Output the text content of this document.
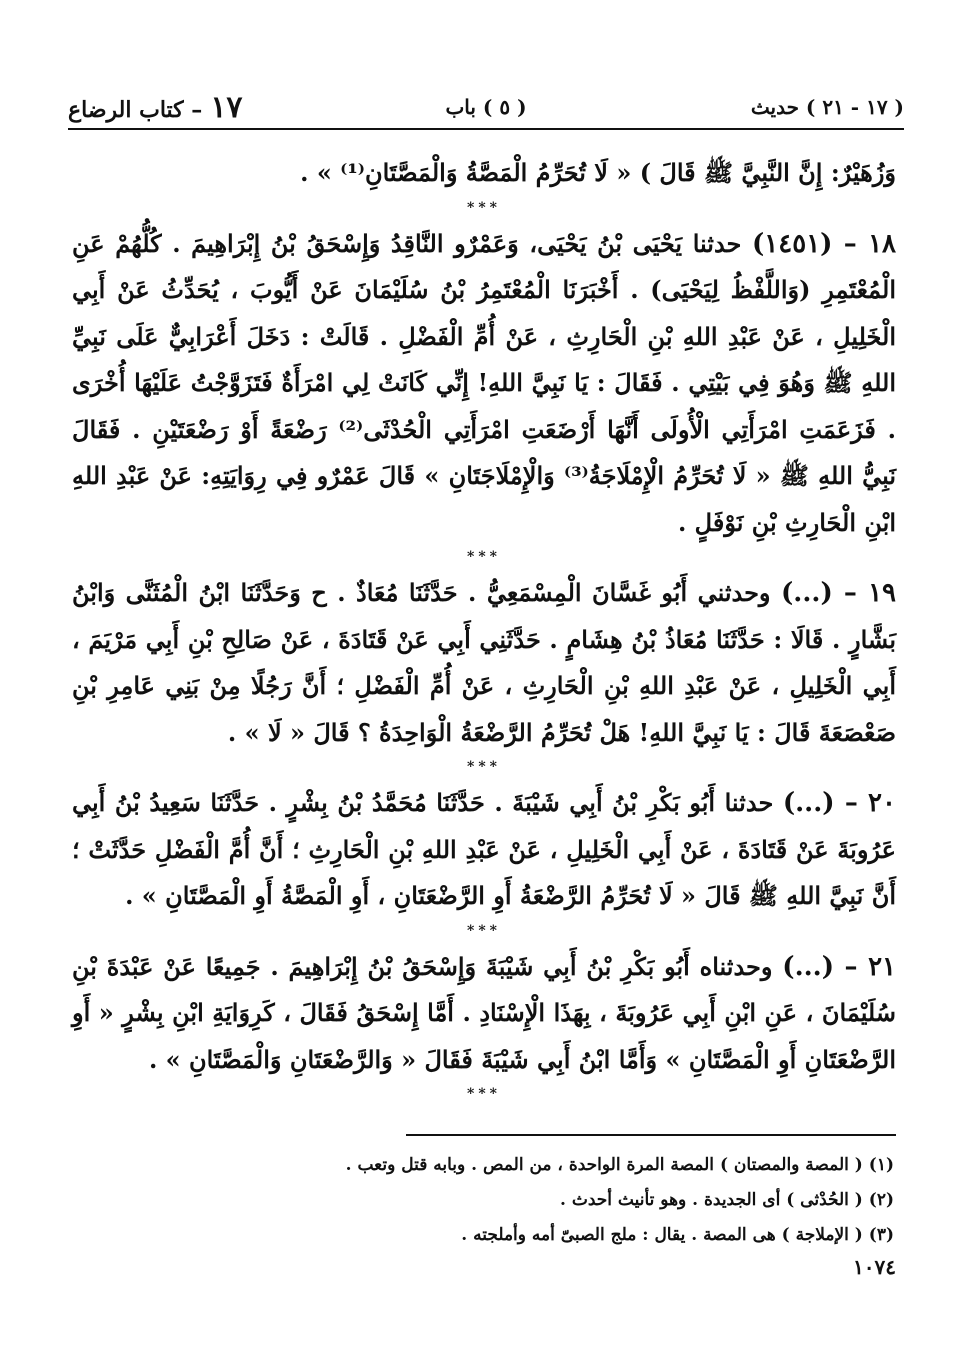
١٧– كتاب الرضاع	( ٥ ) باب	( ١٧ - ٢١ ) حديث

وَزُهَيْرٌ: إِنَّ النَّبِيَّ ﷺ قَالَ ) « لَا تُحَرِّمُ الْمَصَّةُ وَالْمَصَّتَانِ⁽¹⁾ » .

***

١٨ – (١٤٥١) حدثنا يَحْيَى بْنُ يَحْيَى، وَعَمْرٌو النَّاقِدُ وَإِسْحَقُ بْنُ إِبْرَاهِيمَ . كُلُّهُمْ عَنِ الْمُعْتَمِرِ (وَاللَّفْظُ لِيَحْيَى) . أَخْبَرَنَا الْمُعْتَمِرُ بْنُ سُلَيْمَانَ عَنْ أَيُّوبَ ، يُحَدِّثُ عَنْ أَبِي الْخَلِيلِ ، عَنْ عَبْدِ اللهِ بْنِ الْحَارِثِ ، عَنْ أُمِّ الْفَضْلِ . قَالَتْ : دَخَلَ أَعْرَابِيٌّ عَلَى نَبِيِّ اللهِ ﷺ وَهُوَ فِي بَيْتِي . فَقَالَ : يَا نَبِيَّ اللهِ! إِنِّي كَانَتْ لِي امْرَأَةٌ فَتَزَوَّجْتُ عَلَيْهَا أُخْرَى . فَزَعَمَتِ امْرَأَتِي الْأُولَى أَنَّهَا أَرْضَعَتِ امْرَأَتِي الْحُدْثَى⁽²⁾ رَضْعَةً أَوْ رَضْعَتَيْنِ . فَقَالَ نَبِيُّ اللهِ ﷺ « لَا تُحَرِّمُ الْإِمْلَاجَةُ⁽³⁾ وَالْإِمْلَاجَتَانِ » قَالَ عَمْرٌو فِي رِوَايَتِهِ: عَنْ عَبْدِ اللهِ ابْنِ الْحَارِثِ بْنِ نَوْفَلٍ .

***

١٩ – (...) وحدثني أَبُو غَسَّانَ الْمِسْمَعِيُّ . حَدَّثَنَا مُعَاذٌ . ح وَحَدَّثَنَا ابْنُ الْمُثَنَّى وَابْنُ بَشَّارٍ . قَالَا : حَدَّثَنَا مُعَاذُ بْنُ هِشَامٍ . حَدَّثَنِي أَبِي عَنْ قَتَادَةَ ، عَنْ صَالِحِ بْنِ أَبِي مَرْيَمَ ، أَبِي الْخَلِيلِ ، عَنْ عَبْدِ اللهِ بْنِ الْحَارِثِ ، عَنْ أُمِّ الْفَضْلِ ؛ أَنَّ رَجُلًا مِنْ بَنِي عَامِرِ بْنِ صَعْصَعَةَ قَالَ : يَا نَبِيَّ اللهِ! هَلْ تُحَرِّمُ الرَّضْعَةُ الْوَاحِدَةُ ؟ قَالَ « لَا » .

***

٢٠ – (...) حدثنا أَبُو بَكْرِ بْنُ أَبِي شَيْبَةَ . حَدَّثَنَا مُحَمَّدُ بْنُ بِشْرٍ . حَدَّثَنَا سَعِيدُ بْنُ أَبِي عَرُوبَةَ عَنْ قَتَادَةَ ، عَنْ أَبِي الْخَلِيلِ ، عَنْ عَبْدِ اللهِ بْنِ الْحَارِثِ ؛ أَنَّ أُمَّ الْفَضْلِ حَدَّثَتْ ؛ أَنَّ نَبِيَّ اللهِ ﷺ قَالَ « لَا تُحَرِّمُ الرَّضْعَةُ أَوِ الرَّضْعَتَانِ ، أَوِ الْمَصَّةُ أَوِ الْمَصَّتَانِ » .

***

٢١ – (...) وحدثناه أَبُو بَكْرِ بْنُ أَبِي شَيْبَةَ وَإِسْحَقُ بْنُ إِبْرَاهِيمَ . جَمِيعًا عَنْ عَبْدَةَ بْنِ سُلَيْمَانَ ، عَنِ ابْنِ أَبِي عَرُوبَةَ ، بِهَذَا الْإِسْنَادِ . أَمَّا إِسْحَقُ فَقَالَ ، كَرِوَايَةِ ابْنِ بِشْرٍ « أَوِ الرَّضْعَتَانِ أَوِ الْمَصَّتَانِ » وَأَمَّا ابْنُ أَبِي شَيْبَةَ فَقَالَ « وَالرَّضْعَتَانِ وَالْمَصَّتَانِ » .

***

(١) ( المصة والمصتان ) المصة المرة الواحدة ، من المص . وبابه قتل وتعب .

(٢) ( الحُدْثى ) أى الجديدة . وهو تأنيث أحدث .

(٣) ( الإملاجة ) هى المصة . يقال : ملج الصبىّ أمه وأملجته .

١٠٧٤
